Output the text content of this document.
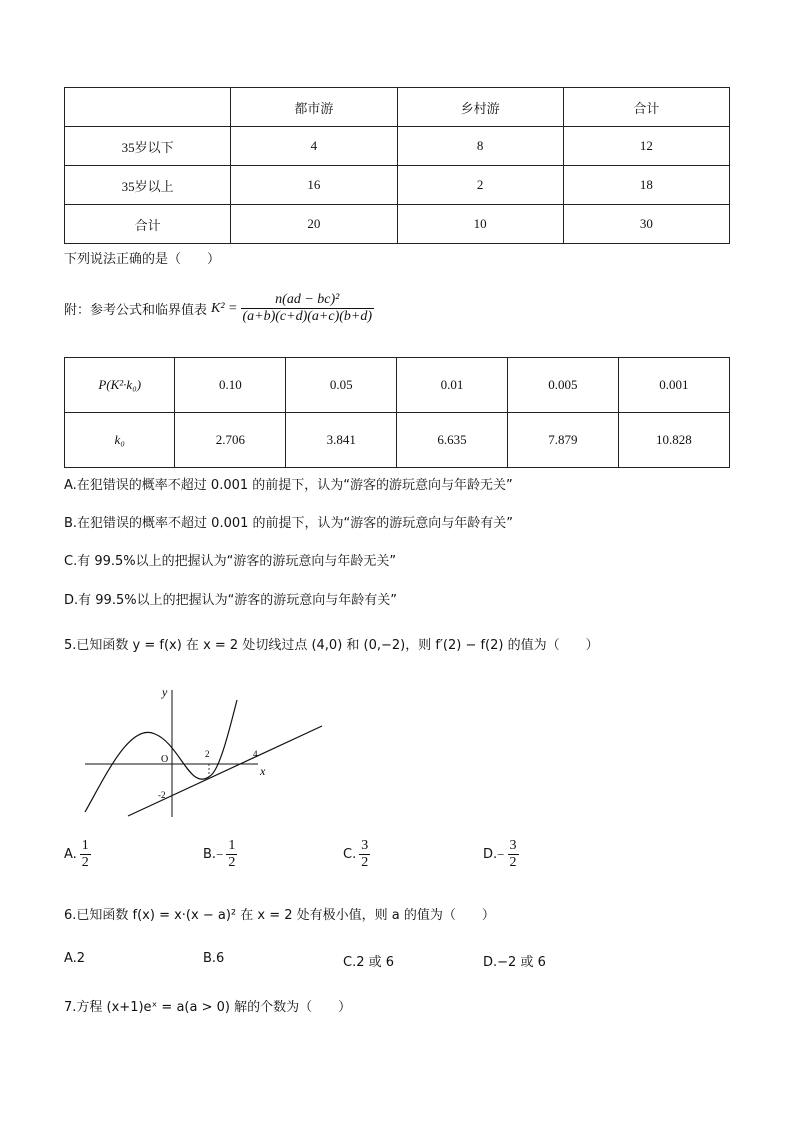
	都市游	乡村游	合计
35岁以下	4	8	12
35岁以上	16	2	18
合计	20	10	30
下列说法正确的是（　　）
附：参考公式和临界值表 $K^2 = \frac{\text{n(ad − bc)²}}{(a+b)(c+d)(a+c)(b+d)}$
P(K²·k₀)	0.10	0.05	0.01	0.005	0.001
k₀	2.706	3.841	6.635	7.879	10.828
A.在犯错误的概率不超过 0.001 的前提下，认为“游客的游玩意向与年龄无关”
B.在犯错误的概率不超过 0.001 的前提下，认为“游客的游玩意向与年龄有关”
C.有 99.5%以上的把握认为“游客的游玩意向与年龄无关”
D.有 99.5%以上的把握认为“游客的游玩意向与年龄有关”
5.已知函数 y = f(x) 在 x = 2 处切线过点 (4,0) 和 (0,−2)，则 f′(2) − f(2) 的值为（　　）
y
x
O	2	4
-2
A. $\frac{1}{2}$	B. − $\frac{1}{2}$	C. $\frac{3}{2}$	D. − $\frac{3}{2}$
6.已知函数 f(x) = x·(x − a)² 在 x = 2 处有极小值，则 a 的值为（　　）
A.2	B.6	C.2 或 6	D.−2 或 6
7.方程 (x+1)eˣ = a(a > 0) 解的个数为（　　）
